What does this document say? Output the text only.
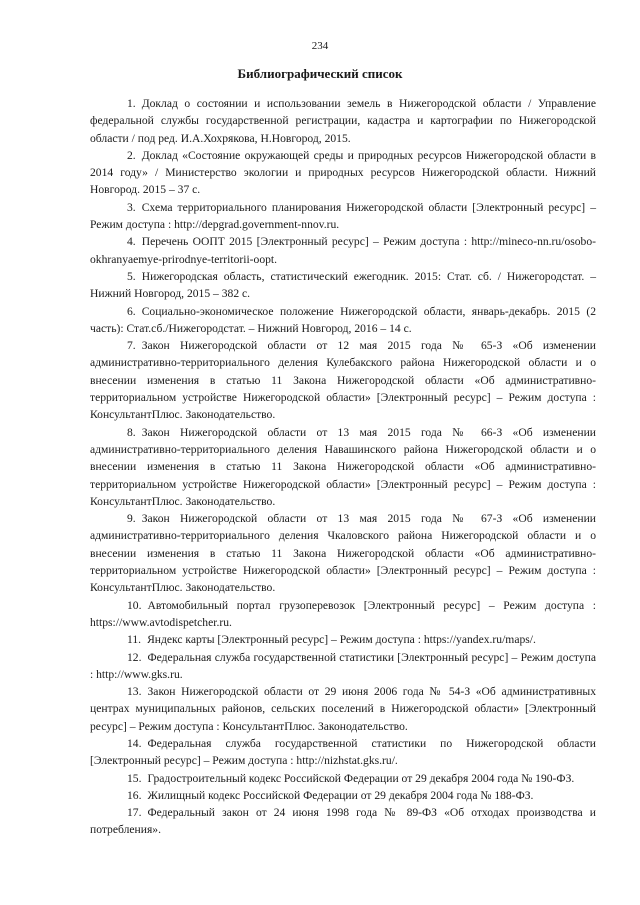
234
Библиографический список
1. Доклад о состоянии и использовании земель в Нижегородской области / Управление федеральной службы государственной регистрации, кадастра и картографии по Нижегородской области / под ред. И.А.Хохрякова, Н.Новгород, 2015.
2. Доклад «Состояние окружающей среды и природных ресурсов Нижегородской области в 2014 году» / Министерство экологии и природных ресурсов Нижегородской области. Нижний Новгород. 2015 – 37 с.
3. Схема территориального планирования Нижегородской области [Электронный ресурс] – Режим доступа : http://depgrad.government-nnov.ru.
4. Перечень ООПТ 2015 [Электронный ресурс] – Режим доступа : http://mineco-nn.ru/osobo-okhranyaemye-prirodnye-territorii-oopt.
5. Нижегородская область, статистический ежегодник. 2015: Стат. сб. / Нижегородстат. – Нижний Новгород, 2015 – 382 с.
6. Социально-экономическое положение Нижегородской области, январь-декабрь. 2015 (2 часть): Стат.сб./Нижегородстат. – Нижний Новгород, 2016 – 14 с.
7. Закон Нижегородской области от 12 мая 2015 года № 65-З «Об изменении административно-территориального деления Кулебакского района Нижегородской области и о внесении изменения в статью 11 Закона Нижегородской области «Об административно-территориальном устройстве Нижегородской области» [Электронный ресурс] – Режим доступа : КонсультантПлюс. Законодательство.
8. Закон Нижегородской области от 13 мая 2015 года № 66-З «Об изменении административно-территориального деления Навашинского района Нижегородской области и о внесении изменения в статью 11 Закона Нижегородской области «Об административно-территориальном устройстве Нижегородской области» [Электронный ресурс] – Режим доступа : КонсультантПлюс. Законодательство.
9. Закон Нижегородской области от 13 мая 2015 года № 67-З «Об изменении административно-территориального деления Чкаловского района Нижегородской области и о внесении изменения в статью 11 Закона Нижегородской области «Об административно-территориальном устройстве Нижегородской области» [Электронный ресурс] – Режим доступа : КонсультантПлюс. Законодательство.
10. Автомобильный портал грузоперевозок [Электронный ресурс] – Режим доступа : https://www.avtodispetcher.ru.
11. Яндекс карты [Электронный ресурс] – Режим доступа : https://yandex.ru/maps/.
12. Федеральная служба государственной статистики [Электронный ресурс] – Режим доступа : http://www.gks.ru.
13. Закон Нижегородской области от 29 июня 2006 года № 54-З «Об административных центрах муниципальных районов, сельских поселений в Нижегородской области» [Электронный ресурс] – Режим доступа : КонсультантПлюс. Законодательство.
14. Федеральная служба государственной статистики по Нижегородской области [Электронный ресурс] – Режим доступа : http://nizhstat.gks.ru/.
15. Градостроительный кодекс Российской Федерации от 29 декабря 2004 года № 190-ФЗ.
16. Жилищный кодекс Российской Федерации от 29 декабря 2004 года № 188-ФЗ.
17. Федеральный закон от 24 июня 1998 года № 89-ФЗ «Об отходах производства и потребления».
